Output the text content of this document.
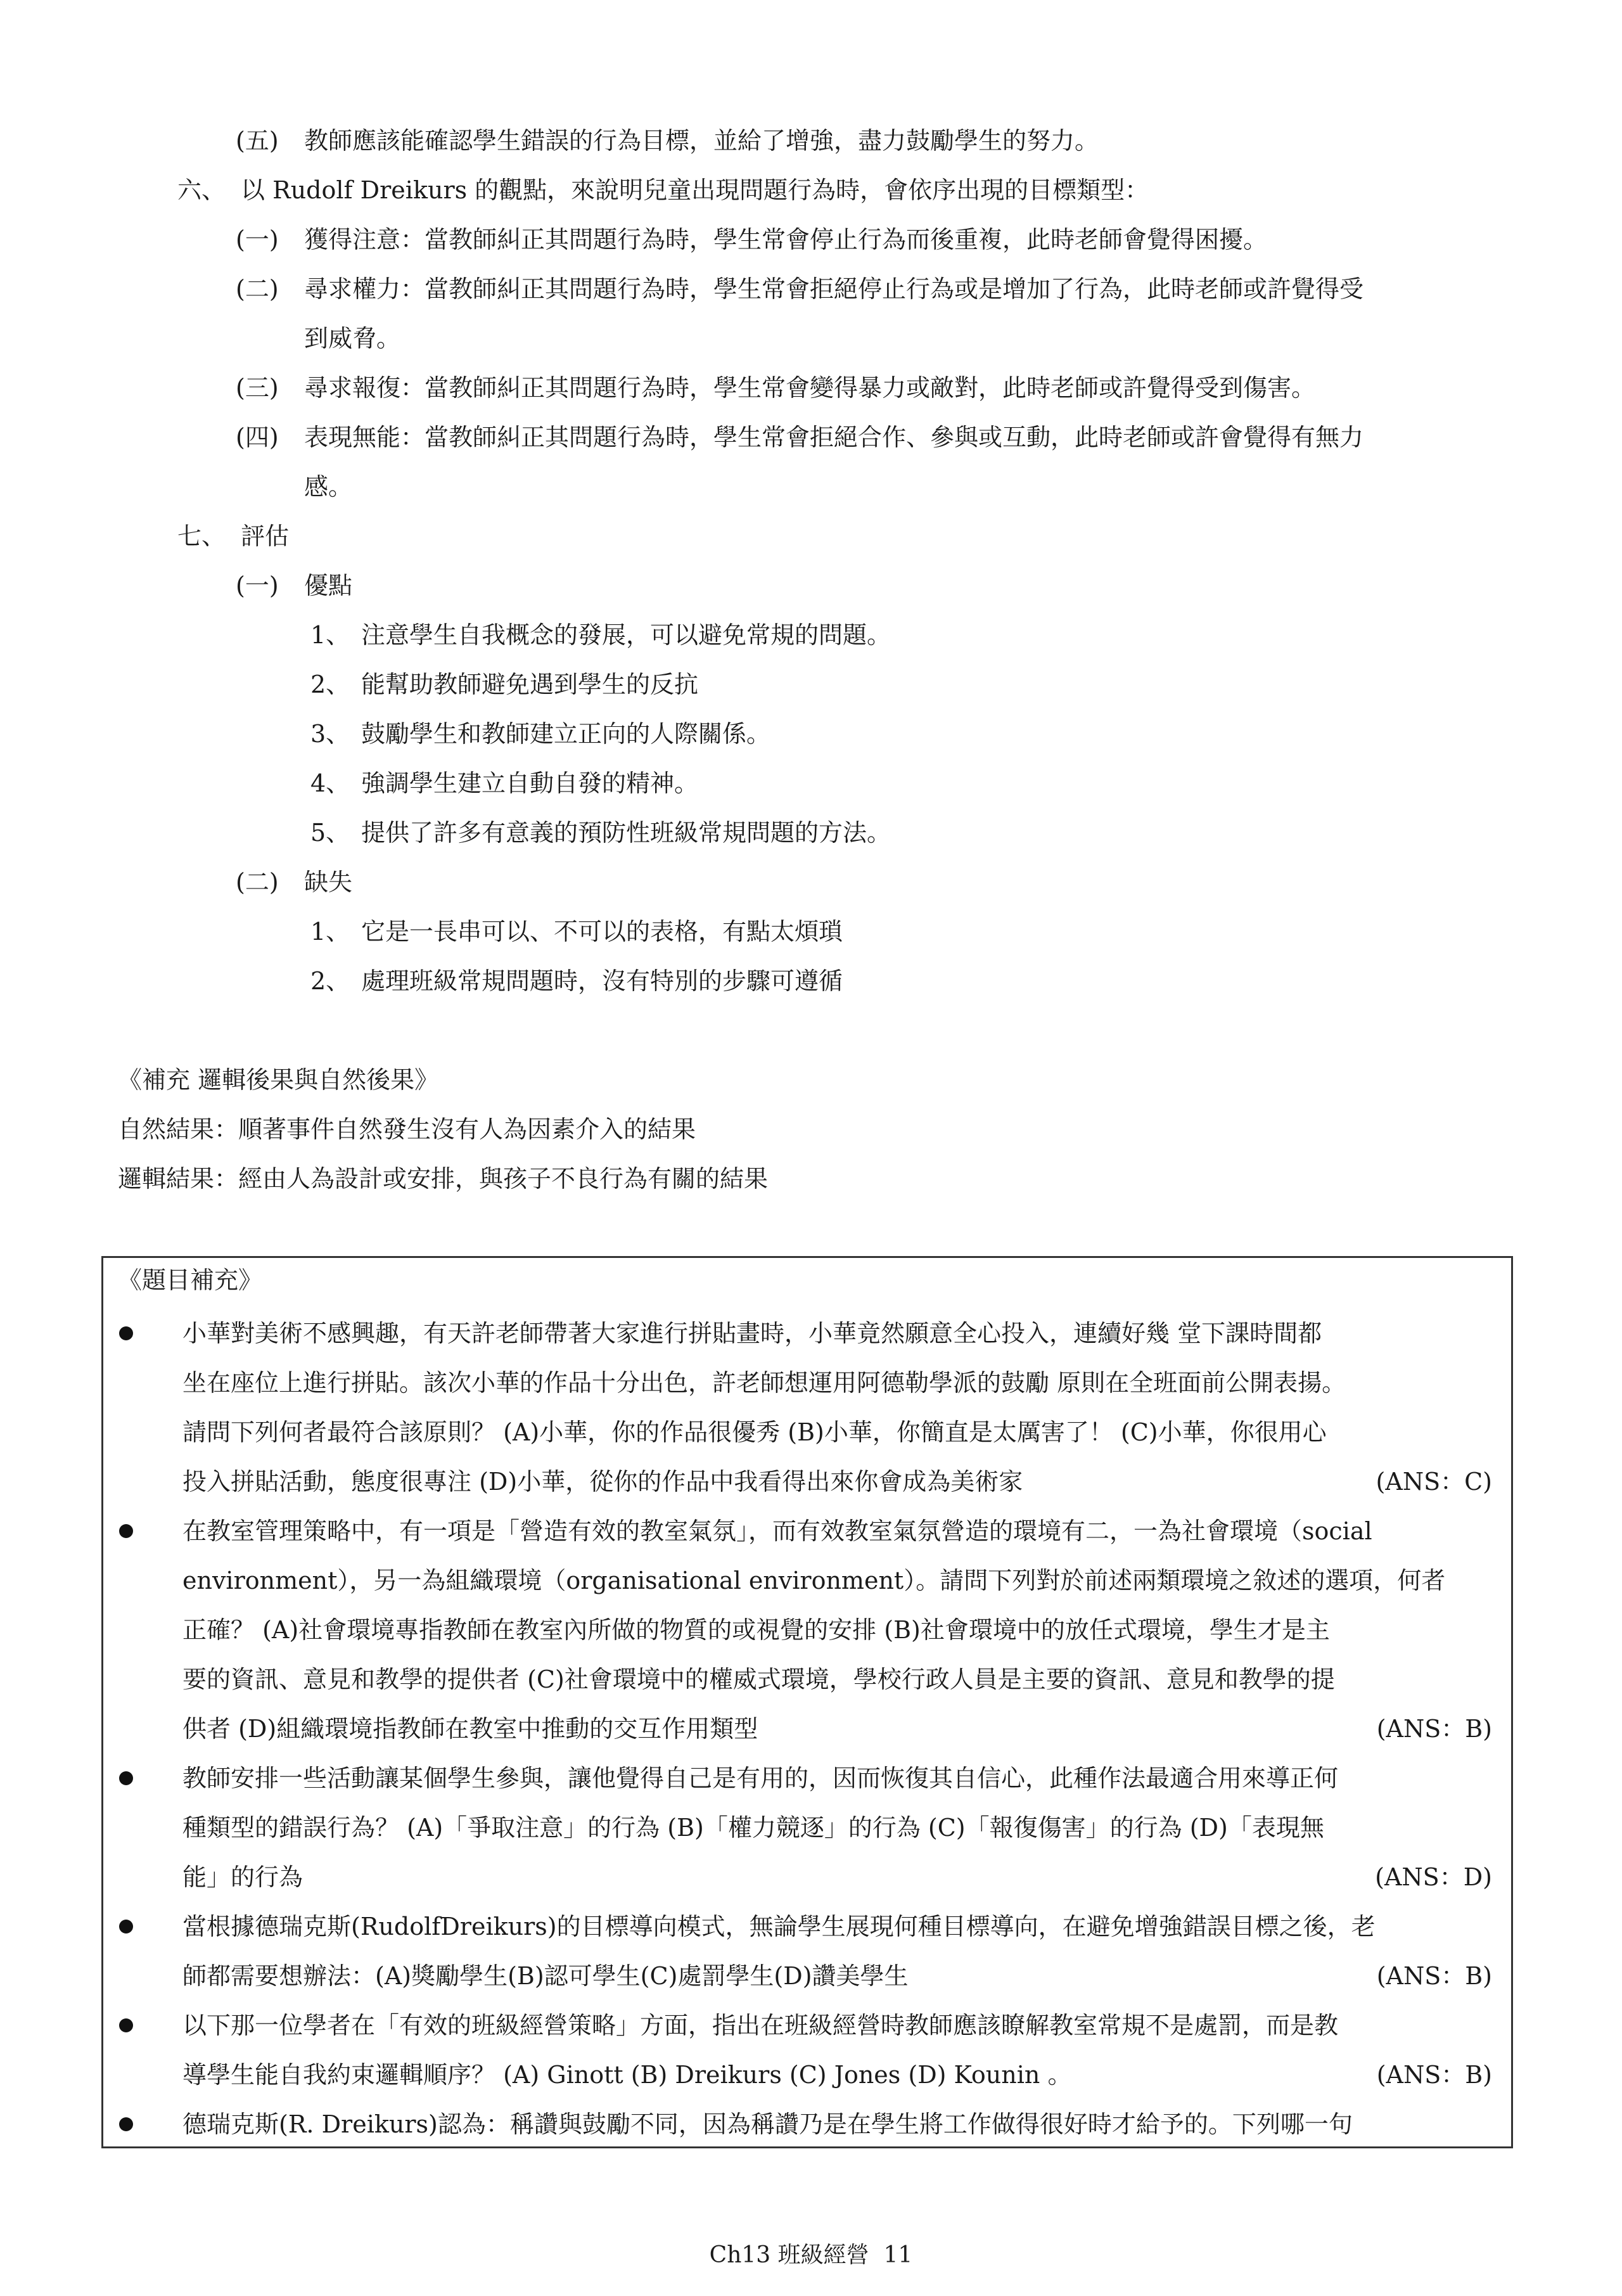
(五) 教師應該能確認學生錯誤的行為目標，並給了增強，盡力鼓勵學生的努力。
六、 以 Rudolf Dreikurs 的觀點，來說明兒童出現問題行為時，會依序出現的目標類型：
(一) 獲得注意：當教師糾正其問題行為時，學生常會停止行為而後重複，此時老師會覺得困擾。
(二) 尋求權力：當教師糾正其問題行為時，學生常會拒絕停止行為或是增加了行為，此時老師或許覺得受
到威脅。
(三) 尋求報復：當教師糾正其問題行為時，學生常會變得暴力或敵對，此時老師或許覺得受到傷害。
(四) 表現無能：當教師糾正其問題行為時，學生常會拒絕合作、參與或互動，此時老師或許會覺得有無力
感。
七、 評估
(一) 優點
1、 注意學生自我概念的發展，可以避免常規的問題。
2、 能幫助教師避免遇到學生的反抗
3、 鼓勵學生和教師建立正向的人際關係。
4、 強調學生建立自動自發的精神。
5、 提供了許多有意義的預防性班級常規問題的方法。
(二) 缺失
1、 它是一長串可以、不可以的表格，有點太煩瑣
2、 處理班級常規問題時，沒有特別的步驟可遵循
《補充 邏輯後果與自然後果》
自然結果：順著事件自然發生沒有人為因素介入的結果
邏輯結果：經由人為設計或安排，與孩子不良行為有關的結果
《題目補充》
小華對美術不感興趣，有天許老師帶著大家進行拼貼畫時，小華竟然願意全心投入，連續好幾 堂下課時間都
坐在座位上進行拼貼。該次小華的作品十分出色，許老師想運用阿德勒學派的鼓勵 原則在全班面前公開表揚。
請問下列何者最符合該原則？ (A)小華，你的作品很優秀 (B)小華，你簡直是太厲害了！ (C)小華，你很用心
投入拼貼活動，態度很專注 (D)小華，從你的作品中我看得出來你會成為美術家	(ANS：C)
在教室管理策略中，有一項是「營造有效的教室氣氛」，而有效教室氣氛營造的環境有二，一為社會環境（social
environment），另一為組織環境（organisational environment）。請問下列對於前述兩類環境之敘述的選項，何者
正確？ (A)社會環境專指教師在教室內所做的物質的或視覺的安排 (B)社會環境中的放任式環境，學生才是主
要的資訊、意見和教學的提供者 (C)社會環境中的權威式環境，學校行政人員是主要的資訊、意見和教學的提
供者 (D)組織環境指教師在教室中推動的交互作用類型	(ANS：B)
教師安排一些活動讓某個學生參與，讓他覺得自己是有用的，因而恢復其自信心，此種作法最適合用來導正何
種類型的錯誤行為？ (A)「爭取注意」的行為 (B)「權力競逐」的行為 (C)「報復傷害」的行為 (D)「表現無
能」的行為	(ANS：D)
當根據德瑞克斯(RudolfDreikurs)的目標導向模式，無論學生展現何種目標導向，在避免增強錯誤目標之後，老
師都需要想辦法：(A)獎勵學生(B)認可學生(C)處罰學生(D)讚美學生	(ANS：B)
以下那一位學者在「有效的班級經營策略」方面，指出在班級經營時教師應該瞭解教室常規不是處罰，而是教
導學生能自我約束邏輯順序？ (A) Ginott (B) Dreikurs (C) Jones (D) Kounin 。	(ANS：B)
德瑞克斯(R. Dreikurs)認為：稱讚與鼓勵不同，因為稱讚乃是在學生將工作做得很好時才給予的。下列哪一句
Ch13 班級經營 11
